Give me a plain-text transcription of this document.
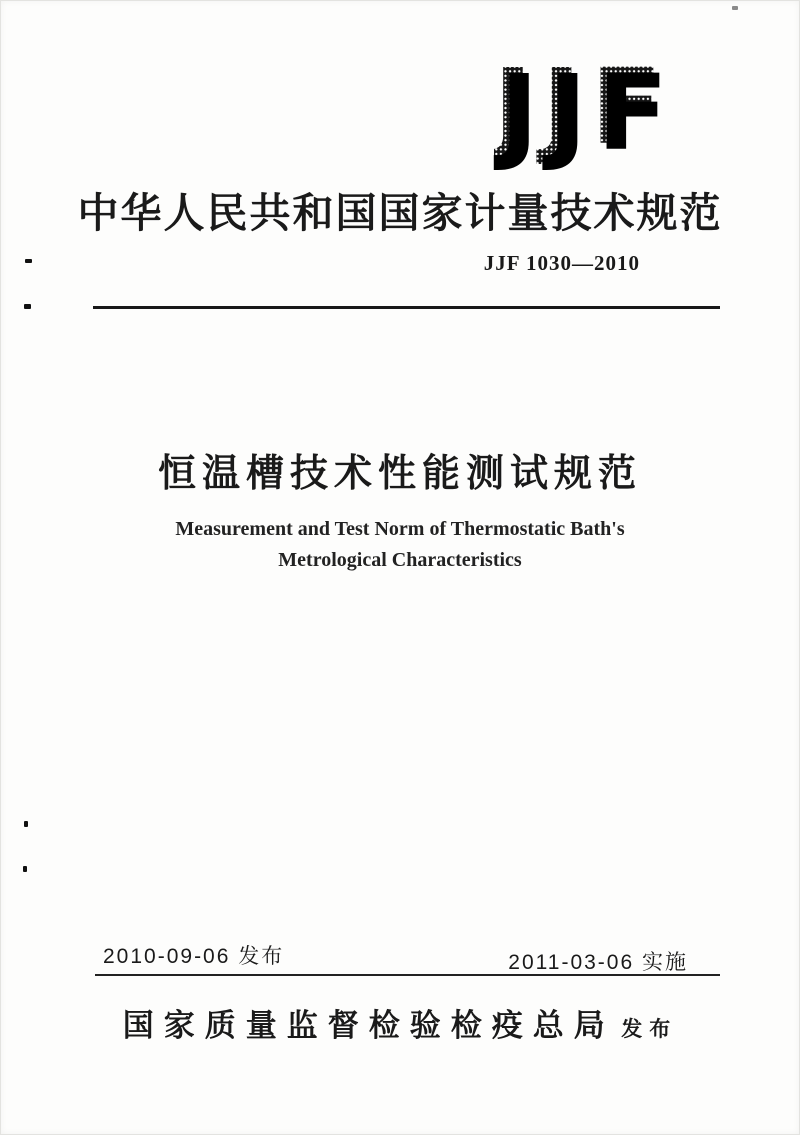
JJF
中华人民共和国国家计量技术规范
JJF 1030—2010
恒温槽技术性能测试规范
Measurement and Test Norm of Thermostatic Bath's
Metrological Characteristics
2010-09-06 发布	2011-03-06 实施
国家质量监督检验检疫总局 发布
